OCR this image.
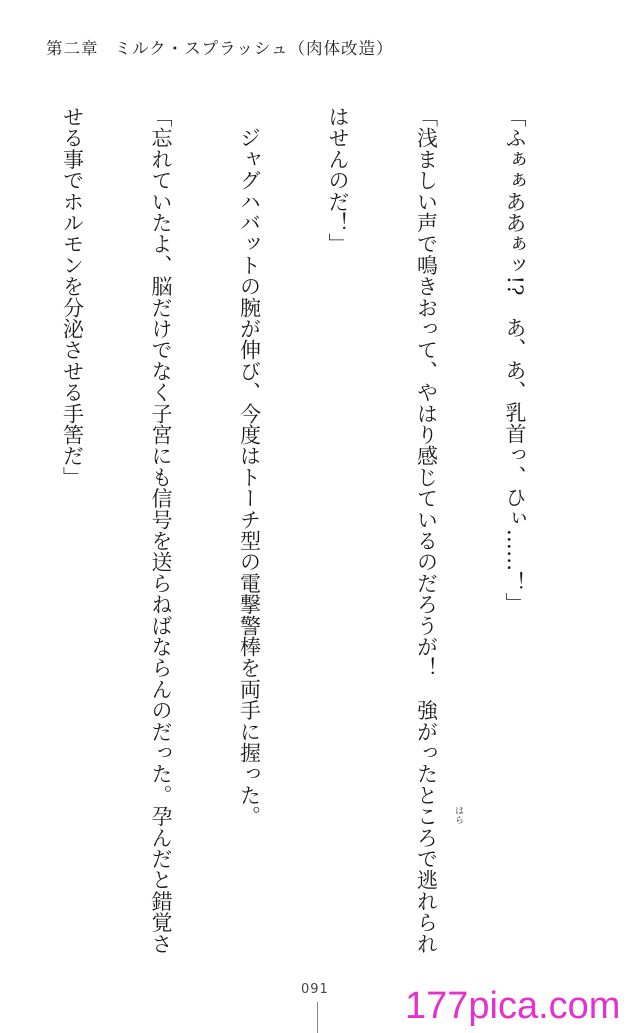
第二章 ミルク・スプラッシュ（肉体改造）

「ふぁぁああぁッ!?　あ、あ、乳首っ、ひぃ……！」

「浅ましい声で鳴きおって、やはり感じているのだろうが！　強がったところで逃れられ

はせんのだ！」

　ジャグハバットの腕が伸び、今度はトーチ型の電撃警棒を両手に握った。

「忘れていたよ、脳だけでなく子宮にも信号を送らねばならんのだった。孕んだと錯覚さ

せる事でホルモンを分泌させる手筈だ」

はら
091 177pica.com
